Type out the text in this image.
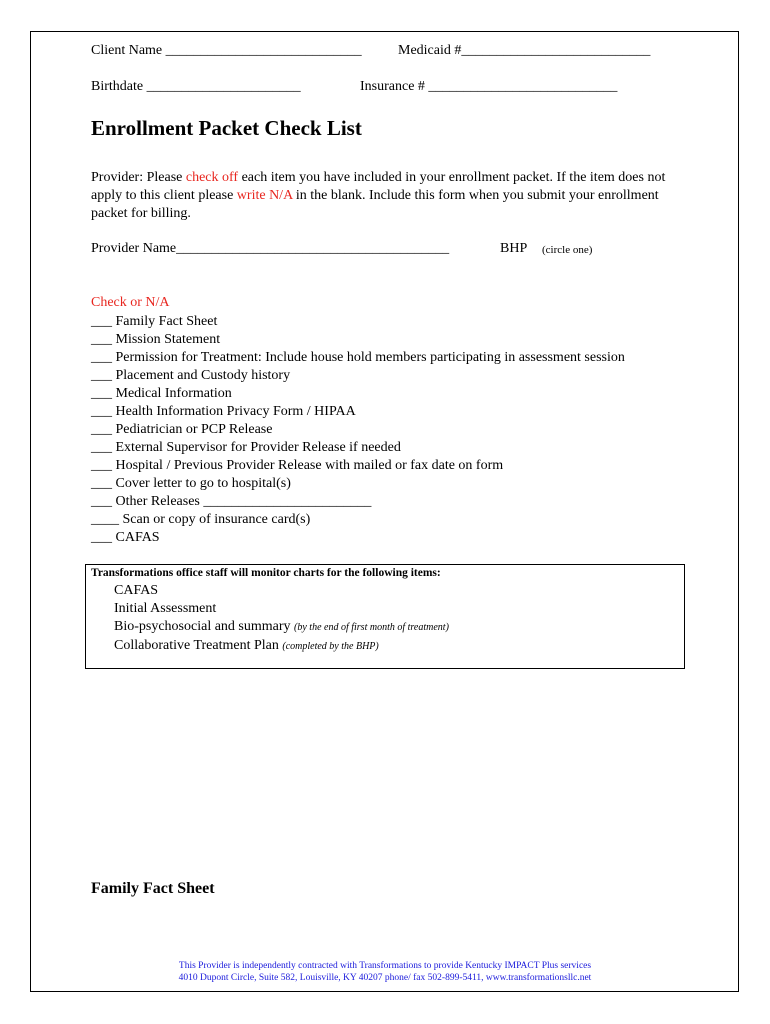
Client Name ____________________________	Medicaid #___________________________
Birthdate ______________________	Insurance # ___________________________
Enrollment Packet Check List
Provider: Please check off each item you have included in your enrollment packet. If the item does not apply to this client please write N/A in the blank. Include this form when you submit your enrollment packet for billing.
Provider Name_______________________________________	BHP (circle one)
Check or N/A
___ Family Fact Sheet
___ Mission Statement
___ Permission for Treatment: Include house hold members participating in assessment session
___ Placement and Custody history
___ Medical Information
___ Health Information Privacy Form / HIPAA
___ Pediatrician or PCP Release
___ External Supervisor for Provider Release if needed
___ Hospital / Previous Provider Release with mailed or fax date on form
___ Cover letter to go to hospital(s)
___ Other Releases ________________________
____ Scan or copy of insurance card(s)
___ CAFAS
Transformations office staff will monitor charts for the following items:
CAFAS
Initial Assessment
Bio-psychosocial and summary (by the end of first month of treatment)
Collaborative Treatment Plan (completed by the BHP)
Family Fact Sheet
This Provider is independently contracted with Transformations to provide Kentucky IMPACT Plus services
4010 Dupont Circle, Suite 582, Louisville, KY 40207 phone/ fax 502-899-5411, www.transformationsllc.net
